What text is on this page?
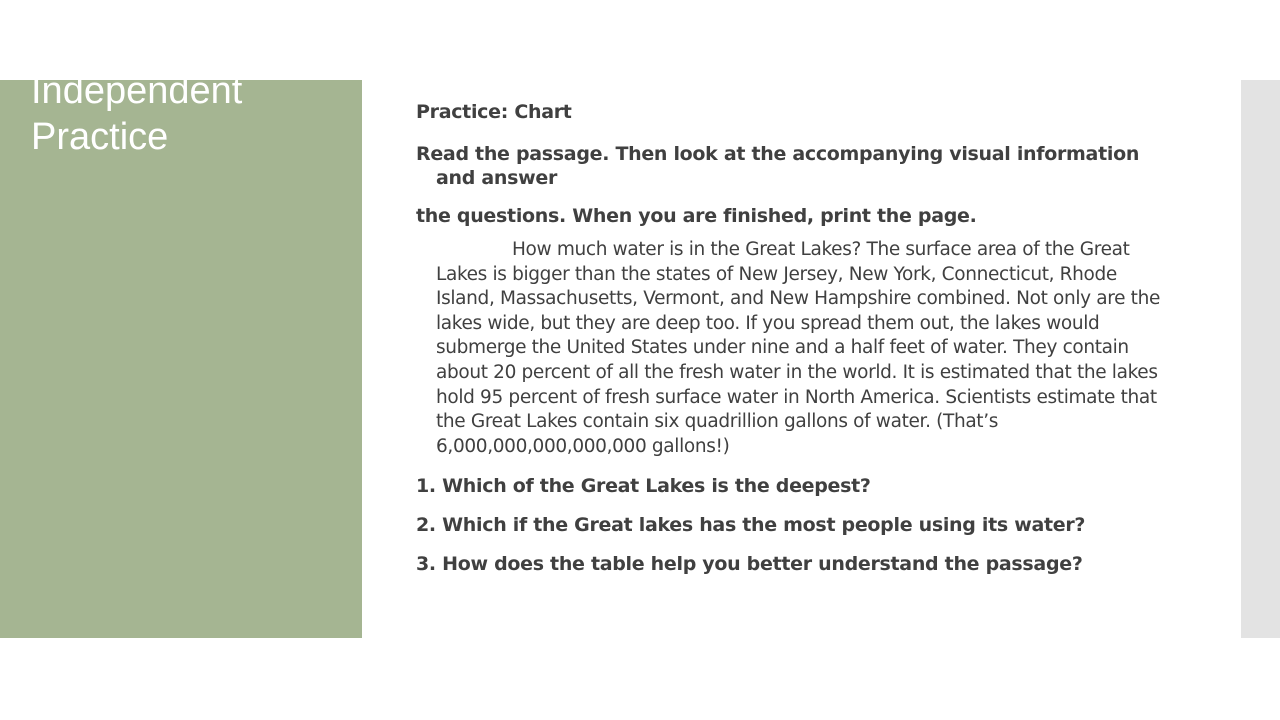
Independent
Practice

Practice: Chart

Read the passage. Then look at the accompanying visual information and answer

the questions. When you are finished, print the page.

How much water is in the Great Lakes? The surface area of the Great Lakes is bigger than the states of New Jersey, New York, Connecticut, Rhode Island, Massachusetts, Vermont, and New Hampshire combined. Not only are the lakes wide, but they are deep too. If you spread them out, the lakes would submerge the United States under nine and a half feet of water. They contain about 20 percent of all the fresh water in the world. It is estimated that the lakes hold 95 percent of fresh surface water in North America. Scientists estimate that the Great Lakes contain six quadrillion gallons of water. (That’s 6,000,000,000,000,000 gallons!)

1. Which of the Great Lakes is the deepest?

2. Which if the Great lakes has the most people using its water?

3. How does the table help you better understand the passage?
